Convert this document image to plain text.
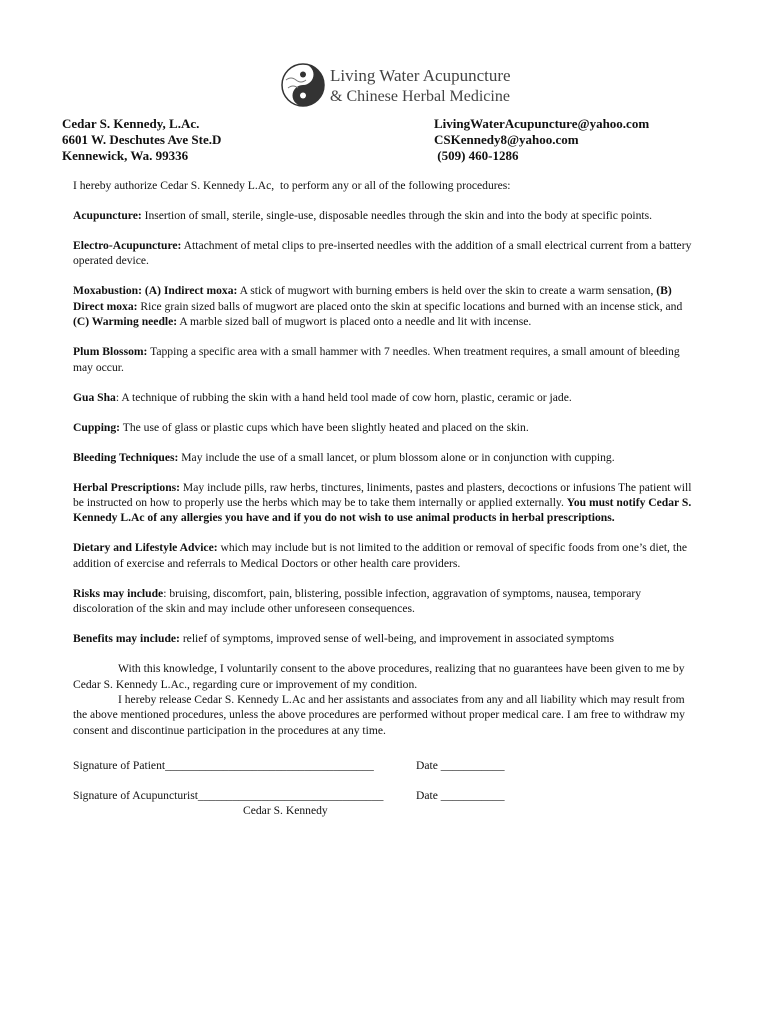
Living Water Acupuncture
& Chinese Herbal Medicine
Cedar S. Kennedy, L.Ac.
6601 W. Deschutes Ave Ste.D
Kennewick, Wa. 99336
LivingWaterAcupuncture@yahoo.com
CSKennedy8@yahoo.com
(509) 460-1286

I hereby authorize Cedar S. Kennedy L.Ac,  to perform any or all of the following procedures:

Acupuncture: Insertion of small, sterile, single-use, disposable needles through the skin and into the body at specific points.

Electro-Acupuncture: Attachment of metal clips to pre-inserted needles with the addition of a small electrical current from a battery operated device.

Moxabustion: (A) Indirect moxa: A stick of mugwort with burning embers is held over the skin to create a warm sensation, (B) Direct moxa: Rice grain sized balls of mugwort are placed onto the skin at specific locations and burned with an incense stick, and (C) Warming needle: A marble sized ball of mugwort is placed onto a needle and lit with incense.

Plum Blossom: Tapping a specific area with a small hammer with 7 needles. When treatment requires, a small amount of bleeding may occur.

Gua Sha: A technique of rubbing the skin with a hand held tool made of cow horn, plastic, ceramic or jade.

Cupping: The use of glass or plastic cups which have been slightly heated and placed on the skin.

Bleeding Techniques: May include the use of a small lancet, or plum blossom alone or in conjunction with cupping.

Herbal Prescriptions: May include pills, raw herbs, tinctures, liniments, pastes and plasters, decoctions or infusions The patient will be instructed on how to properly use the herbs which may be to take them internally or applied externally. You must notify Cedar S. Kennedy L.Ac of any allergies you have and if you do not wish to use animal products in herbal prescriptions.

Dietary and Lifestyle Advice: which may include but is not limited to the addition or removal of specific foods from one’s diet, the addition of exercise and referrals to Medical Doctors or other health care providers.

Risks may include: bruising, discomfort, pain, blistering, possible infection, aggravation of symptoms, nausea, temporary discoloration of the skin and may include other unforeseen consequences.

Benefits may include: relief of symptoms, improved sense of well-being, and improvement in associated symptoms

With this knowledge, I voluntarily consent to the above procedures, realizing that no guarantees have been given to me by Cedar S. Kennedy L.Ac., regarding cure or improvement of my condition.

I hereby release Cedar S. Kennedy L.Ac and her assistants and associates from any and all liability which may result from the above mentioned procedures, unless the above procedures are performed without proper medical care. I am free to withdraw my consent and discontinue participation in the procedures at any time.

Signature of Patient____________________________________	Date ___________
Signature of Acupuncturist________________________________	Date ___________
Cedar S. Kennedy
